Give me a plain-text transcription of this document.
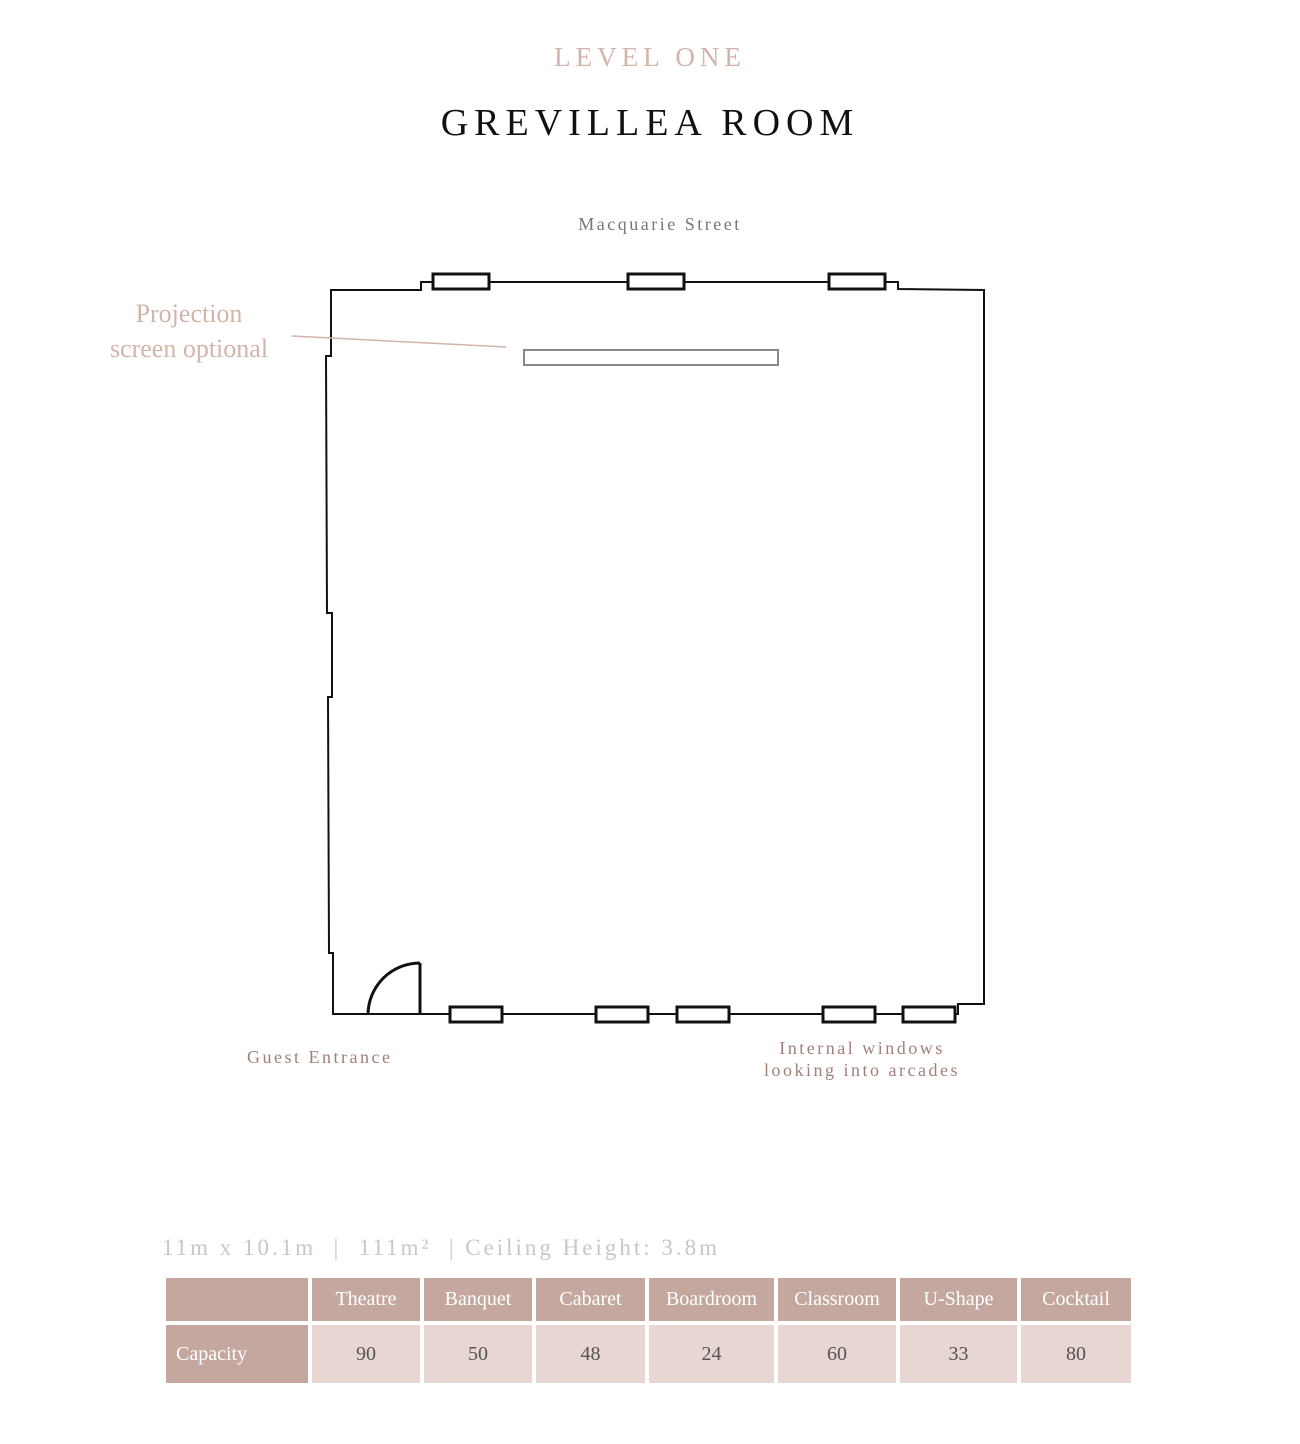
LEVEL ONE
GREVILLEA ROOM
Macquarie Street
Projection
screen optional
Guest Entrance	Internal windows
looking into arcades
11m x 10.1m  |  111m²  | Ceiling Height: 3.8m
	Theatre	Banquet	Cabaret	Boardroom	Classroom	U-Shape	Cocktail
Capacity	90	50	48	24	60	33	80
